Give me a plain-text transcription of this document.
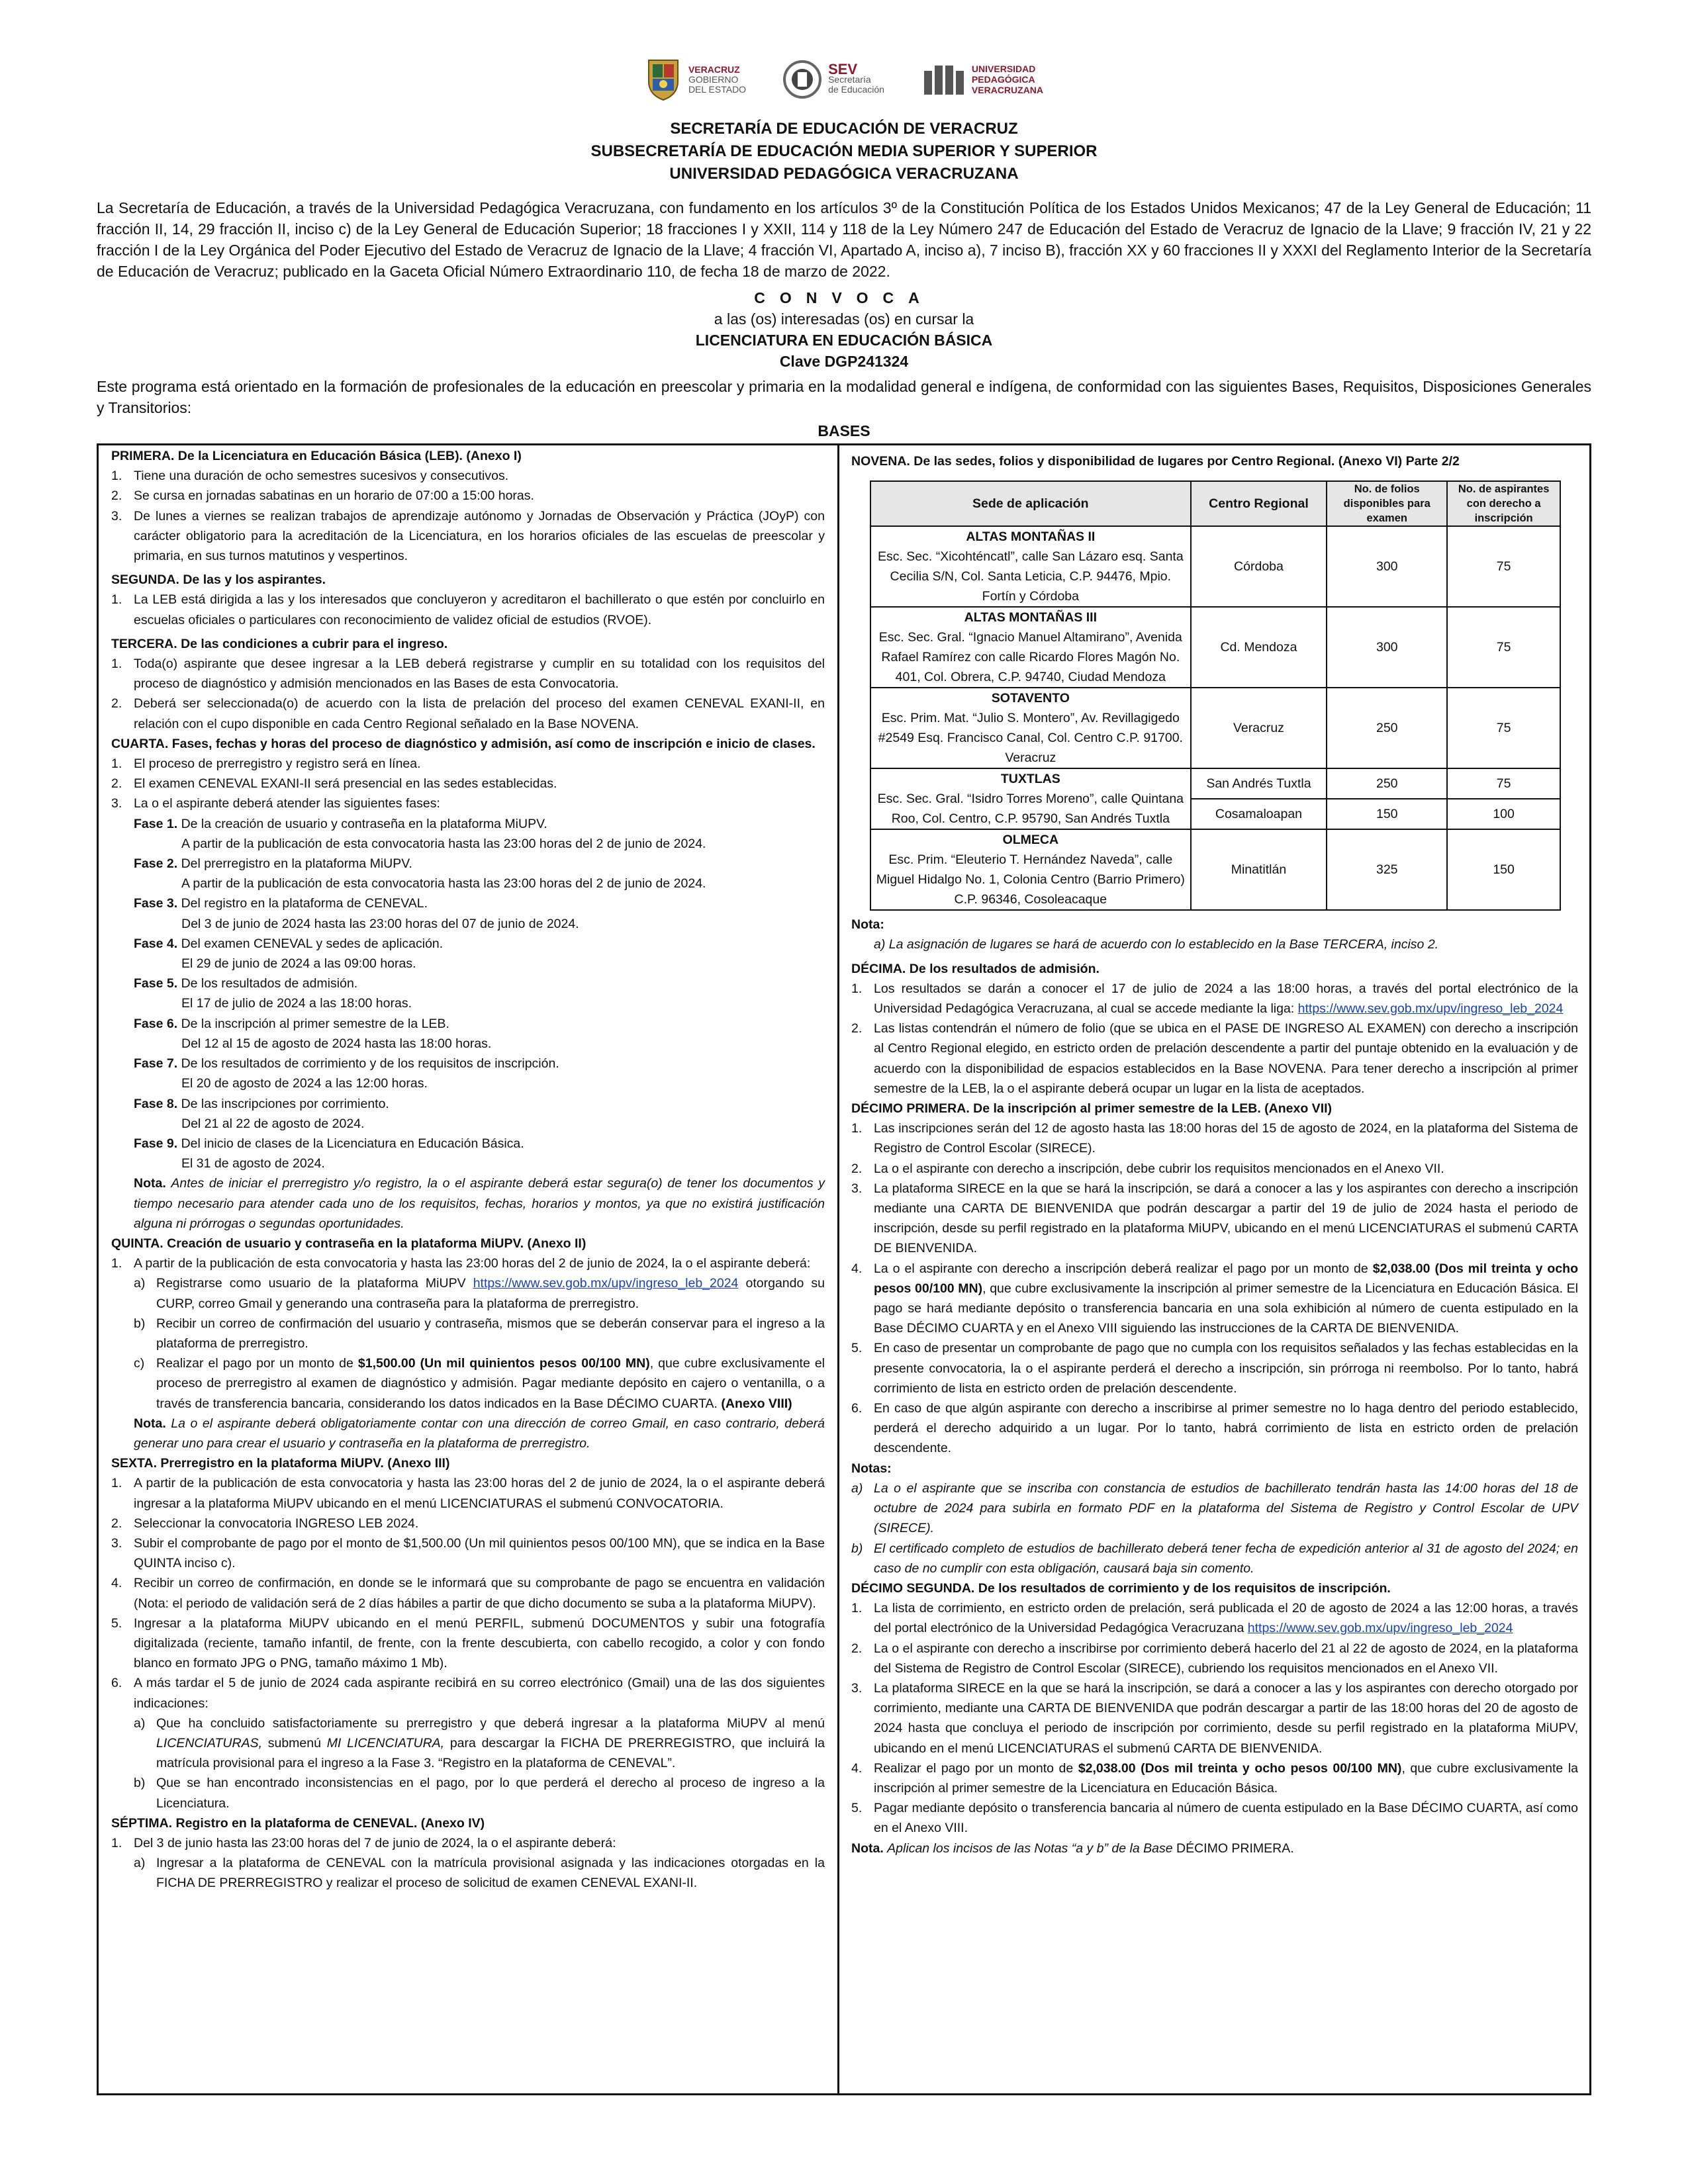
VERACRUZ
GOBIERNO
DEL ESTADO
SEV
Secretaría
de Educación
UNIVERSIDAD
PEDAGÓGICA
VERACRUZANA
SECRETARÍA DE EDUCACIÓN DE VERACRUZ
SUBSECRETARÍA DE EDUCACIÓN MEDIA SUPERIOR Y SUPERIOR
UNIVERSIDAD PEDAGÓGICA VERACRUZANA
La Secretaría de Educación, a través de la Universidad Pedagógica Veracruzana, con fundamento en los artículos 3º de la Constitución Política de los Estados Unidos Mexicanos; 47 de la Ley General de Educación; 11 fracción II, 14, 29 fracción II, inciso c) de la Ley General de Educación Superior; 18 fracciones I y XXII, 114 y 118 de la Ley Número 247 de Educación del Estado de Veracruz de Ignacio de la Llave; 9 fracción IV, 21 y 22 fracción I de la Ley Orgánica del Poder Ejecutivo del Estado de Veracruz de Ignacio de la Llave; 4 fracción VI, Apartado A, inciso a), 7 inciso B), fracción XX y 60 fracciones II y XXXI del Reglamento Interior de la Secretaría de Educación de Veracruz; publicado en la Gaceta Oficial Número Extraordinario 110, de fecha 18 de marzo de 2022.
CONVOCA
a las (os) interesadas (os) en cursar la
LICENCIATURA EN EDUCACIÓN BÁSICA
Clave DGP241324
Este programa está orientado en la formación de profesionales de la educación en preescolar y primaria en la modalidad general e indígena, de conformidad con las siguientes Bases, Requisitos, Disposiciones Generales y Transitorios:
BASES

PRIMERA. De la Licenciatura en Educación Básica (LEB). (Anexo I)

1. Tiene una duración de ocho semestres sucesivos y consecutivos.
2. Se cursa en jornadas sabatinas en un horario de 07:00 a 15:00 horas.
3. De lunes a viernes se realizan trabajos de aprendizaje autónomo y Jornadas de Observación y Práctica (JOyP) con carácter obligatorio para la acreditación de la Licenciatura, en los horarios oficiales de las escuelas de preescolar y primaria, en sus turnos matutinos y vespertinos.

SEGUNDA. De las y los aspirantes.

1. La LEB está dirigida a las y los interesados que concluyeron y acreditaron el bachillerato o que estén por concluirlo en escuelas oficiales o particulares con reconocimiento de validez oficial de estudios (RVOE).

TERCERA. De las condiciones a cubrir para el ingreso.

1. Toda(o) aspirante que desee ingresar a la LEB deberá registrarse y cumplir en su totalidad con los requisitos del proceso de diagnóstico y admisión mencionados en las Bases de esta Convocatoria.
2. Deberá ser seleccionada(o) de acuerdo con la lista de prelación del proceso del examen CENEVAL EXANI-II, en relación con el cupo disponible en cada Centro Regional señalado en la Base NOVENA.

CUARTA. Fases, fechas y horas del proceso de diagnóstico y admisión, así como de inscripción e inicio de clases.

1. El proceso de prerregistro y registro será en línea.
2. El examen CENEVAL EXANI-II será presencial en las sedes establecidas.
3. La o el aspirante deberá atender las siguientes fases:
Fase 1. De la creación de usuario y contraseña en la plataforma MiUPV.
A partir de la publicación de esta convocatoria hasta las 23:00 horas del 2 de junio de 2024.
Fase 2. Del prerregistro en la plataforma MiUPV.
A partir de la publicación de esta convocatoria hasta las 23:00 horas del 2 de junio de 2024.
Fase 3. Del registro en la plataforma de CENEVAL.
Del 3 de junio de 2024 hasta las 23:00 horas del 07 de junio de 2024.
Fase 4. Del examen CENEVAL y sedes de aplicación.
El 29 de junio de 2024 a las 09:00 horas.
Fase 5. De los resultados de admisión.
El 17 de julio de 2024 a las 18:00 horas.
Fase 6. De la inscripción al primer semestre de la LEB.
Del 12 al 15 de agosto de 2024 hasta las 18:00 horas.
Fase 7. De los resultados de corrimiento y de los requisitos de inscripción.
El 20 de agosto de 2024 a las 12:00 horas.
Fase 8. De las inscripciones por corrimiento.
Del 21 al 22 de agosto de 2024.
Fase 9. Del inicio de clases de la Licenciatura en Educación Básica.
El 31 de agosto de 2024.

Nota. Antes de iniciar el prerregistro y/o registro, la o el aspirante deberá estar segura(o) de tener los documentos y tiempo necesario para atender cada uno de los requisitos, fechas, horarios y montos, ya que no existirá justificación alguna ni prórrogas o segundas oportunidades.

QUINTA. Creación de usuario y contraseña en la plataforma MiUPV. (Anexo II)

1. A partir de la publicación de esta convocatoria y hasta las 23:00 horas del 2 de junio de 2024, la o el aspirante deberá:
a) Registrarse como usuario de la plataforma MiUPV https://www.sev.gob.mx/upv/ingreso_leb_2024 otorgando su CURP, correo Gmail y generando una contraseña para la plataforma de prerregistro.
b) Recibir un correo de confirmación del usuario y contraseña, mismos que se deberán conservar para el ingreso a la plataforma de prerregistro.
c) Realizar el pago por un monto de $1,500.00 (Un mil quinientos pesos 00/100 MN), que cubre exclusivamente el proceso de prerregistro al examen de diagnóstico y admisión. Pagar mediante depósito en cajero o ventanilla, o a través de transferencia bancaria, considerando los datos indicados en la Base DÉCIMO CUARTA. (Anexo VIII)

Nota. La o el aspirante deberá obligatoriamente contar con una dirección de correo Gmail, en caso contrario, deberá generar uno para crear el usuario y contraseña en la plataforma de prerregistro.

SEXTA. Prerregistro en la plataforma MiUPV. (Anexo III)

1. A partir de la publicación de esta convocatoria y hasta las 23:00 horas del 2 de junio de 2024, la o el aspirante deberá ingresar a la plataforma MiUPV ubicando en el menú LICENCIATURAS el submenú CONVOCATORIA.
2. Seleccionar la convocatoria INGRESO LEB 2024.
3. Subir el comprobante de pago por el monto de $1,500.00 (Un mil quinientos pesos 00/100 MN), que se indica en la Base QUINTA inciso c).
4. Recibir un correo de confirmación, en donde se le informará que su comprobante de pago se encuentra en validación (Nota: el periodo de validación será de 2 días hábiles a partir de que dicho documento se suba a la plataforma MiUPV).
5. Ingresar a la plataforma MiUPV ubicando en el menú PERFIL, submenú DOCUMENTOS y subir una fotografía digitalizada (reciente, tamaño infantil, de frente, con la frente descubierta, con cabello recogido, a color y con fondo blanco en formato JPG o PNG, tamaño máximo 1 Mb).
6. A más tardar el 5 de junio de 2024 cada aspirante recibirá en su correo electrónico (Gmail) una de las dos siguientes indicaciones:
a) Que ha concluido satisfactoriamente su prerregistro y que deberá ingresar a la plataforma MiUPV al menú LICENCIATURAS, submenú MI LICENCIATURA, para descargar la FICHA DE PRERREGISTRO, que incluirá la matrícula provisional para el ingreso a la Fase 3. “Registro en la plataforma de CENEVAL”.
b) Que se han encontrado inconsistencias en el pago, por lo que perderá el derecho al proceso de ingreso a la Licenciatura.

SÉPTIMA. Registro en la plataforma de CENEVAL. (Anexo IV)

1. Del 3 de junio hasta las 23:00 horas del 7 de junio de 2024, la o el aspirante deberá:
a) Ingresar a la plataforma de CENEVAL con la matrícula provisional asignada y las indicaciones otorgadas en la FICHA DE PRERREGISTRO y realizar el proceso de solicitud de examen CENEVAL EXANI-II.

NOVENA. De las sedes, folios y disponibilidad de lugares por Centro Regional. (Anexo VI) Parte 2/2

Sede de aplicación	Centro Regional	No. de folios disponibles para examen	No. de aspirantes con derecho a inscripción

ALTAS MONTAÑAS II
Esc. Sec. “Xicohténcatl”, calle San Lázaro esq. Santa Cecilia S/N, Col. Santa Leticia, C.P. 94476, Mpio. Fortín y Córdoba	Córdoba	300	75

ALTAS MONTAÑAS III
Esc. Sec. Gral. “Ignacio Manuel Altamirano”, Avenida Rafael Ramírez con calle Ricardo Flores Magón No. 401, Col. Obrera, C.P. 94740, Ciudad Mendoza	Cd. Mendoza	300	75

SOTAVENTO
Esc. Prim. Mat. “Julio S. Montero”, Av. Revillagigedo #2549 Esq. Francisco Canal, Col. Centro C.P. 91700. Veracruz	Veracruz	250	75

TUXTLAS
Esc. Sec. Gral. “Isidro Torres Moreno”, calle Quintana Roo, Col. Centro, C.P. 95790, San Andrés Tuxtla	San Andrés Tuxtla	250	75
	Cosamaloapan	150	100

OLMECA
Esc. Prim. “Eleuterio T. Hernández Naveda”, calle Miguel Hidalgo No. 1, Colonia Centro (Barrio Primero) C.P. 96346, Cosoleacaque	Minatitlán	325	150

Nota:

a) La asignación de lugares se hará de acuerdo con lo establecido en la Base TERCERA, inciso 2.

DÉCIMA. De los resultados de admisión.

1. Los resultados se darán a conocer el 17 de julio de 2024 a las 18:00 horas, a través del portal electrónico de la Universidad Pedagógica Veracruzana, al cual se accede mediante la liga: https://www.sev.gob.mx/upv/ingreso_leb_2024
2. Las listas contendrán el número de folio (que se ubica en el PASE DE INGRESO AL EXAMEN) con derecho a inscripción al Centro Regional elegido, en estricto orden de prelación descendente a partir del puntaje obtenido en la evaluación y de acuerdo con la disponibilidad de espacios establecidos en la Base NOVENA. Para tener derecho a inscripción al primer semestre de la LEB, la o el aspirante deberá ocupar un lugar en la lista de aceptados.

DÉCIMO PRIMERA. De la inscripción al primer semestre de la LEB. (Anexo VII)

1. Las inscripciones serán del 12 de agosto hasta las 18:00 horas del 15 de agosto de 2024, en la plataforma del Sistema de Registro de Control Escolar (SIRECE).
2. La o el aspirante con derecho a inscripción, debe cubrir los requisitos mencionados en el Anexo VII.
3. La plataforma SIRECE en la que se hará la inscripción, se dará a conocer a las y los aspirantes con derecho a inscripción mediante una CARTA DE BIENVENIDA que podrán descargar a partir del 19 de julio de 2024 hasta el periodo de inscripción, desde su perfil registrado en la plataforma MiUPV, ubicando en el menú LICENCIATURAS el submenú CARTA DE BIENVENIDA.
4. La o el aspirante con derecho a inscripción deberá realizar el pago por un monto de $2,038.00 (Dos mil treinta y ocho pesos 00/100 MN), que cubre exclusivamente la inscripción al primer semestre de la Licenciatura en Educación Básica. El pago se hará mediante depósito o transferencia bancaria en una sola exhibición al número de cuenta estipulado en la Base DÉCIMO CUARTA y en el Anexo VIII siguiendo las instrucciones de la CARTA DE BIENVENIDA.
5. En caso de presentar un comprobante de pago que no cumpla con los requisitos señalados y las fechas establecidas en la presente convocatoria, la o el aspirante perderá el derecho a inscripción, sin prórroga ni reembolso. Por lo tanto, habrá corrimiento de lista en estricto orden de prelación descendente.
6. En caso de que algún aspirante con derecho a inscribirse al primer semestre no lo haga dentro del periodo establecido, perderá el derecho adquirido a un lugar. Por lo tanto, habrá corrimiento de lista en estricto orden de prelación descendente.

Notas:

a) La o el aspirante que se inscriba con constancia de estudios de bachillerato tendrán hasta las 14:00 horas del 18 de octubre de 2024 para subirla en formato PDF en la plataforma del Sistema de Registro y Control Escolar de UPV (SIRECE).
b) El certificado completo de estudios de bachillerato deberá tener fecha de expedición anterior al 31 de agosto del 2024; en caso de no cumplir con esta obligación, causará baja sin comento.

DÉCIMO SEGUNDA. De los resultados de corrimiento y de los requisitos de inscripción.

1. La lista de corrimiento, en estricto orden de prelación, será publicada el 20 de agosto de 2024 a las 12:00 horas, a través del portal electrónico de la Universidad Pedagógica Veracruzana https://www.sev.gob.mx/upv/ingreso_leb_2024
2. La o el aspirante con derecho a inscribirse por corrimiento deberá hacerlo del 21 al 22 de agosto de 2024, en la plataforma del Sistema de Registro de Control Escolar (SIRECE), cubriendo los requisitos mencionados en el Anexo VII.
3. La plataforma SIRECE en la que se hará la inscripción, se dará a conocer a las y los aspirantes con derecho otorgado por corrimiento, mediante una CARTA DE BIENVENIDA que podrán descargar a partir de las 18:00 horas del 20 de agosto de 2024 hasta que concluya el periodo de inscripción por corrimiento, desde su perfil registrado en la plataforma MiUPV, ubicando en el menú LICENCIATURAS el submenú CARTA DE BIENVENIDA.
4. Realizar el pago por un monto de $2,038.00 (Dos mil treinta y ocho pesos 00/100 MN), que cubre exclusivamente la inscripción al primer semestre de la Licenciatura en Educación Básica.
5. Pagar mediante depósito o transferencia bancaria al número de cuenta estipulado en la Base DÉCIMO CUARTA, así como en el Anexo VIII.

Nota. Aplican los incisos de las Notas “a y b” de la Base DÉCIMO PRIMERA.
